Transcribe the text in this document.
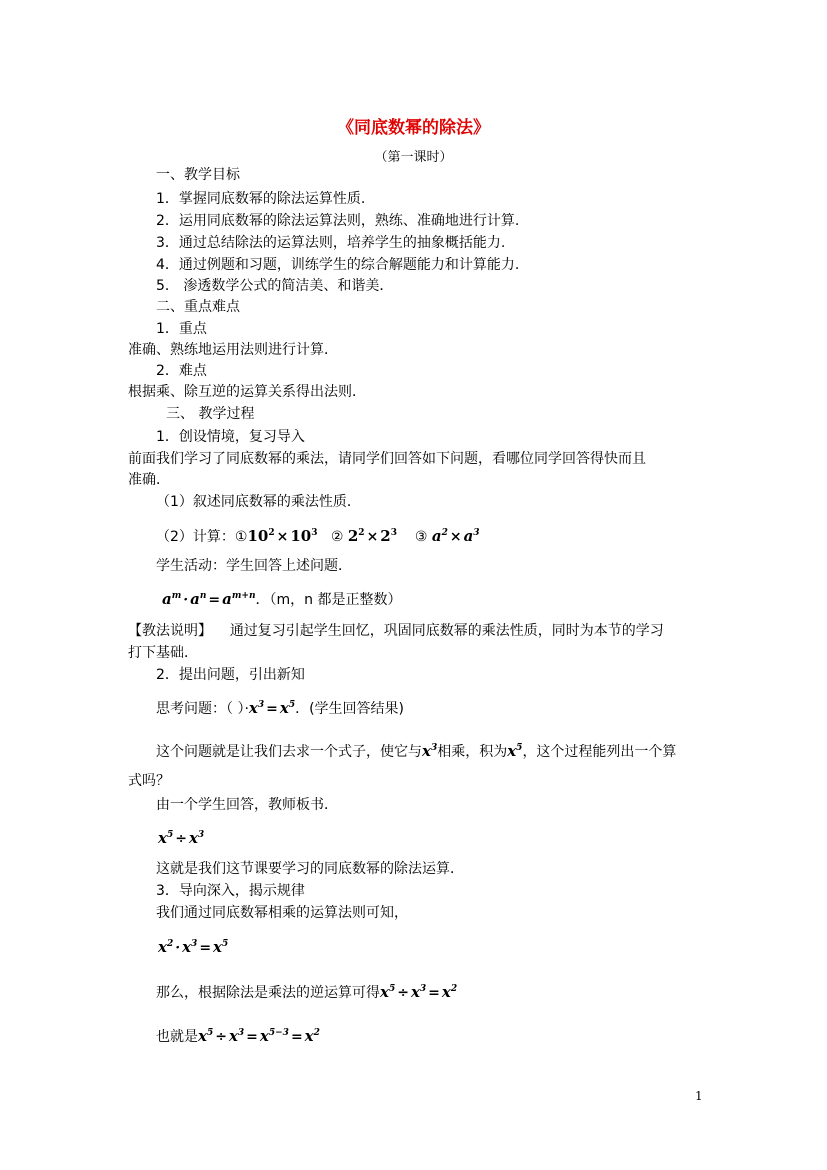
《同底数幂的除法》
（第一课时）
一、教学目标
1．掌握同底数幂的除法运算性质.
2．运用同底数幂的除法运算法则，熟练、准确地进行计算.
3．通过总结除法的运算法则，培养学生的抽象概括能力.
4．通过例题和习题，训练学生的综合解题能力和计算能力.
5． 渗透数学公式的简洁美、和谐美．
二、重点难点
1．重点
准确、熟练地运用法则进行计算．
2．难点
根据乘、除互逆的运算关系得出法则．
三、 教学过程
1．创设情境，复习导入
前面我们学习了同底数幂的乘法，请同学们回答如下问题，看哪位同学回答得快而且
准确．
（1）叙述同底数幂的乘法性质．
（2）计算：$①10^2 \times 10^3$ ② $2^2 \times 2^3$ ③ $a^2 \times a^3$
学生活动：学生回答上述问题．
$a^m \cdot a^n = a^{m+n}$．（m，n 都是正整数）
【教法说明】 通过复习引起学生回忆，巩固同底数幂的乘法性质，同时为本节的学习
打下基础．
2．提出问题，引出新知
思考问题：（ ）$\cdot x^3 = x^5$．(学生回答结果)
这个问题就是让我们去求一个式子，使它与$x^3$相乘，积为$x^5$，这个过程能列出一个算
式吗？
由一个学生回答，教师板书．
$x^5 \div x^3$
这就是我们这节课要学习的同底数幂的除法运算．
3．导向深入，揭示规律
我们通过同底数幂相乘的运算法则可知，
$x^2 \cdot x^3 = x^5$
那么，根据除法是乘法的逆运算可得$x^5 \div x^3 = x^2$
也就是$x^5 \div x^3 = x^{5-3} = x^2$
1
